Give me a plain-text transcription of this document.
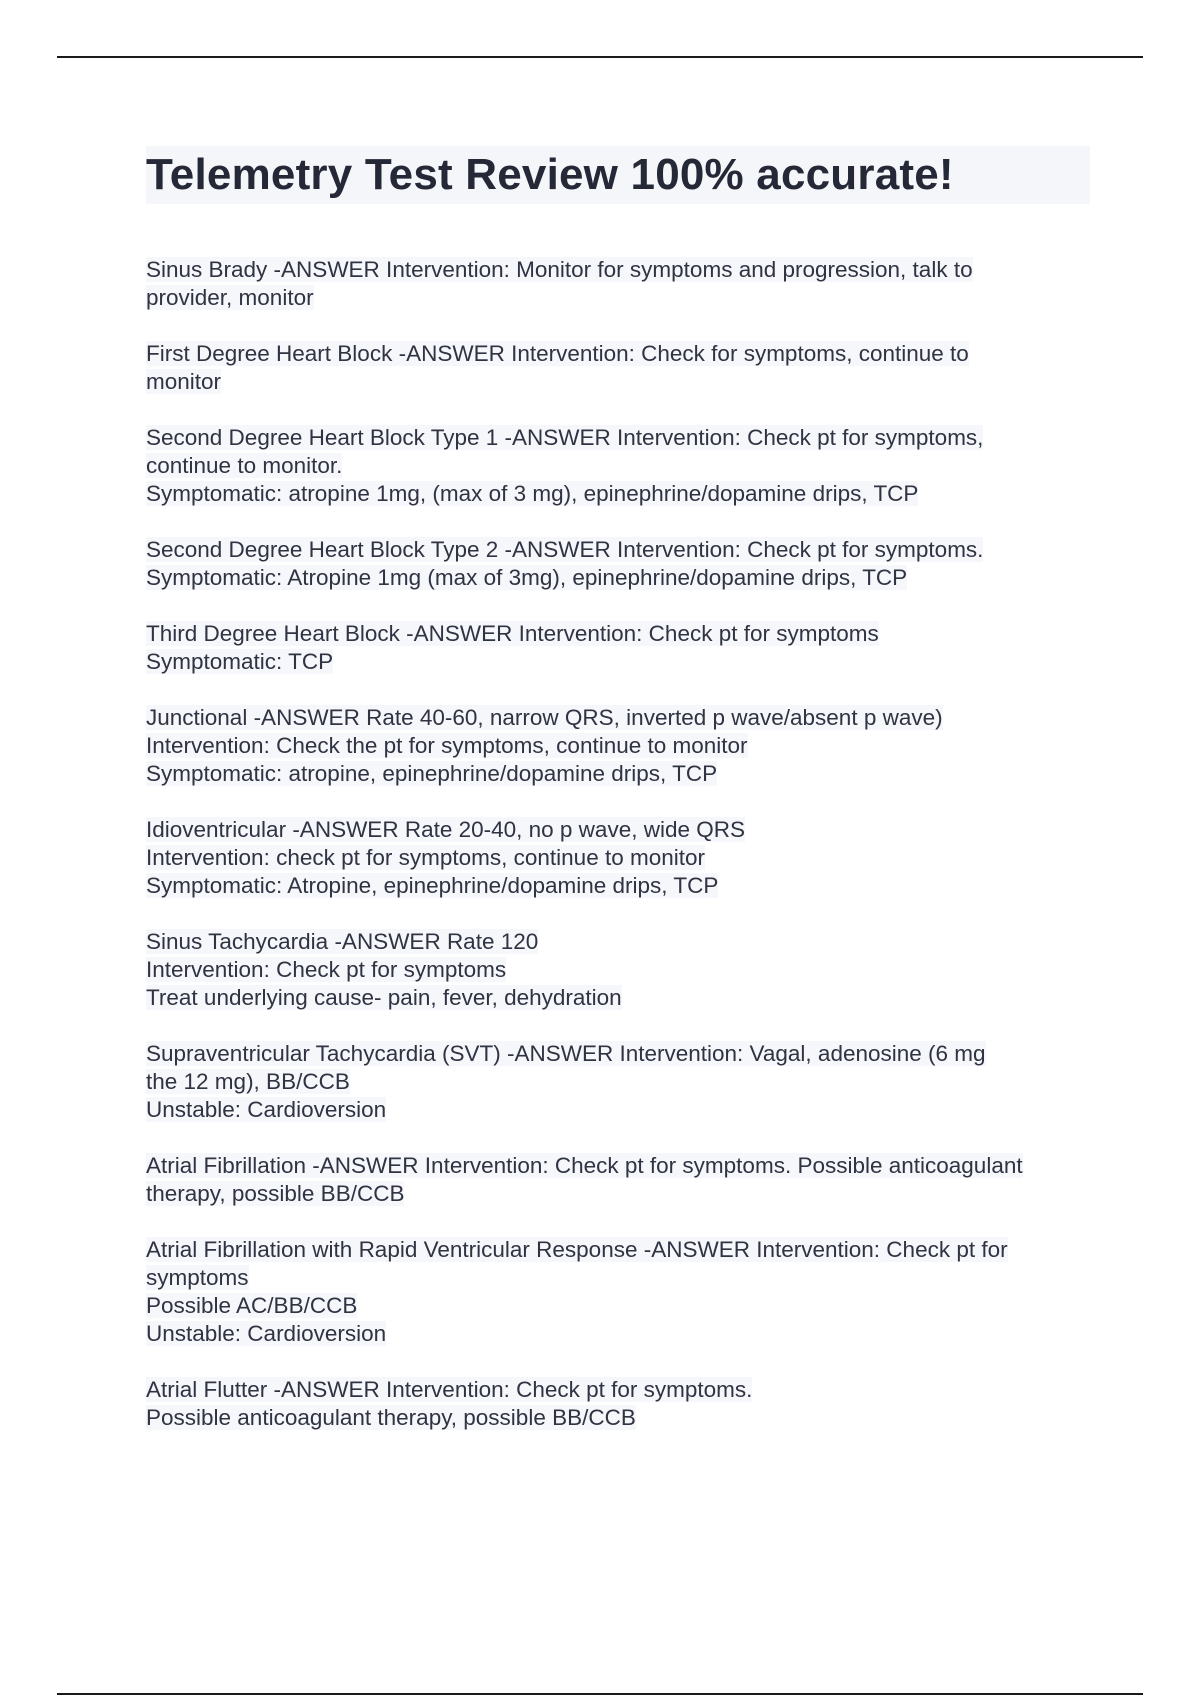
Telemetry Test Review 100% accurate!
Sinus Brady -ANSWER Intervention: Monitor for symptoms and progression, talk to
provider, monitor
First Degree Heart Block -ANSWER Intervention: Check for symptoms, continue to
monitor
Second Degree Heart Block Type 1 -ANSWER Intervention: Check pt for symptoms,
continue to monitor.
Symptomatic: atropine 1mg, (max of 3 mg), epinephrine/dopamine drips, TCP
Second Degree Heart Block Type 2 -ANSWER Intervention: Check pt for symptoms.
Symptomatic: Atropine 1mg (max of 3mg), epinephrine/dopamine drips, TCP
Third Degree Heart Block -ANSWER Intervention: Check pt for symptoms
Symptomatic: TCP
Junctional -ANSWER Rate 40-60, narrow QRS, inverted p wave/absent p wave)
Intervention: Check the pt for symptoms, continue to monitor
Symptomatic: atropine, epinephrine/dopamine drips, TCP
Idioventricular -ANSWER Rate 20-40, no p wave, wide QRS
Intervention: check pt for symptoms, continue to monitor
Symptomatic: Atropine, epinephrine/dopamine drips, TCP
Sinus Tachycardia -ANSWER Rate 120
Intervention: Check pt for symptoms
Treat underlying cause- pain, fever, dehydration
Supraventricular Tachycardia (SVT) -ANSWER Intervention: Vagal, adenosine (6 mg
the 12 mg), BB/CCB
Unstable: Cardioversion
Atrial Fibrillation -ANSWER Intervention: Check pt for symptoms. Possible anticoagulant
therapy, possible BB/CCB
Atrial Fibrillation with Rapid Ventricular Response -ANSWER Intervention: Check pt for
symptoms
Possible AC/BB/CCB
Unstable: Cardioversion
Atrial Flutter -ANSWER Intervention: Check pt for symptoms.
Possible anticoagulant therapy, possible BB/CCB
